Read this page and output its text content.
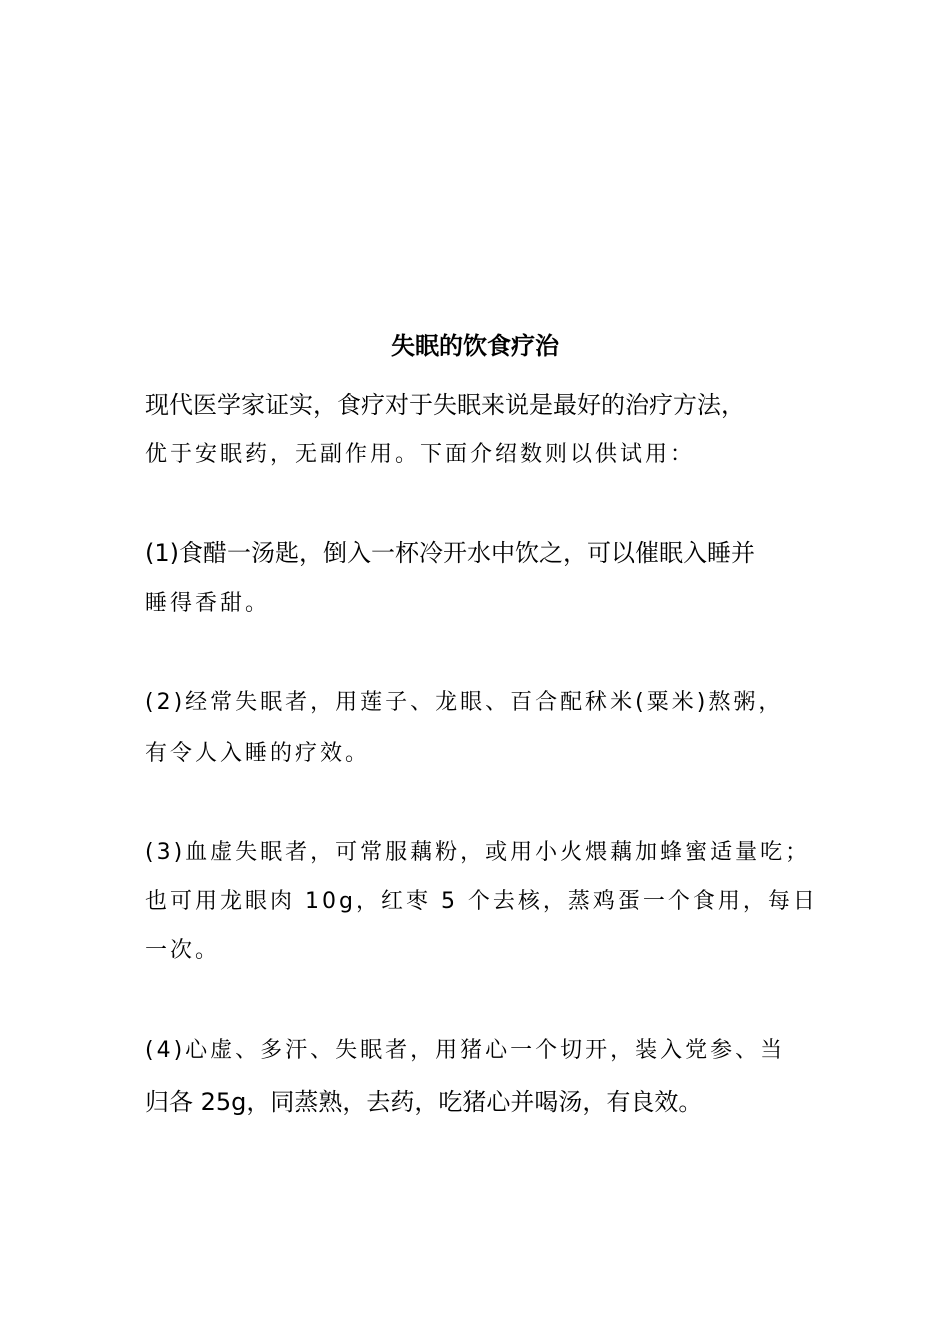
失眠的饮食疗治
现代医学家证实，食疗对于失眠来说是最好的治疗方法，
优于安眠药，无副作用。下面介绍数则以供试用：
(1)食醋一汤匙，倒入一杯冷开水中饮之，可以催眠入睡并
睡得香甜。
(2)经常失眠者，用莲子、龙眼、百合配秫米(粟米)熬粥，
有令人入睡的疗效。
(3)血虚失眠者，可常服藕粉，或用小火煨藕加蜂蜜适量吃；
也可用龙眼肉 10g，红枣 5 个去核，蒸鸡蛋一个食用，每日
一次。
(4)心虚、多汗、失眠者，用猪心一个切开，装入党参、当
归各 25g，同蒸熟，去药，吃猪心并喝汤，有良效。
